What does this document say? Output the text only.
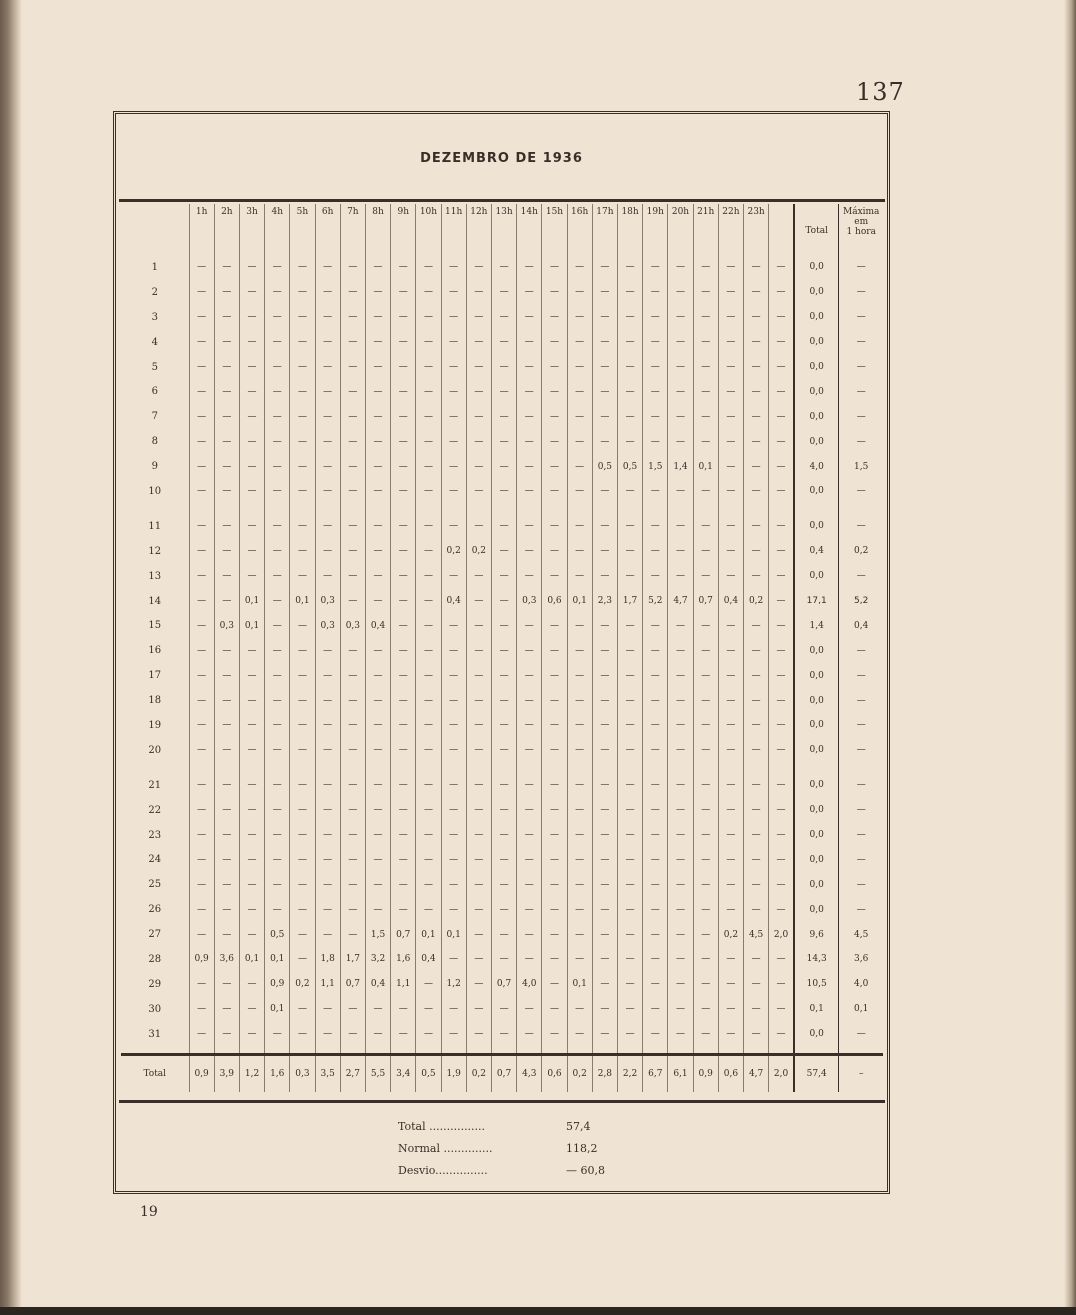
137
DEZEMBRO DE 1936
	1h	2h	3h	4h	5h	6h	7h	8h	9h	10h	11h	12h	13h	14h	15h	16h	17h	18h	19h	20h	21h	22h	23h		Total	Máxima
em
1 hora

1	—	—	—	—	—	—	—	—	—	—	—	—	—	—	—	—	—	—	—	—	—	—	—	—	0,0	—
2	—	—	—	—	—	—	—	—	—	—	—	—	—	—	—	—	—	—	—	—	—	—	—	—	0,0	—
3	—	—	—	—	—	—	—	—	—	—	—	—	—	—	—	—	—	—	—	—	—	—	—	—	0,0	—
4	—	—	—	—	—	—	—	—	—	—	—	—	—	—	—	—	—	—	—	—	—	—	—	—	0,0	—
5	—	—	—	—	—	—	—	—	—	—	—	—	—	—	—	—	—	—	—	—	—	—	—	—	0,0	—
6	—	—	—	—	—	—	—	—	—	—	—	—	—	—	—	—	—	—	—	—	—	—	—	—	0,0	—
7	—	—	—	—	—	—	—	—	—	—	—	—	—	—	—	—	—	—	—	—	—	—	—	—	0,0	—
8	—	—	—	—	—	—	—	—	—	—	—	—	—	—	—	—	—	—	—	—	—	—	—	—	0,0	—
9	—	—	—	—	—	—	—	—	—	—	—	—	—	—	—	—	0,5	0,5	1,5	1,4	0,1	—	—	—	4,0	1,5
10	—	—	—	—	—	—	—	—	—	—	—	—	—	—	—	—	—	—	—	—	—	—	—	—	0,0	—

11	—	—	—	—	—	—	—	—	—	—	—	—	—	—	—	—	—	—	—	—	—	—	—	—	0,0	—
12	—	—	—	—	—	—	—	—	—	—	0,2	0,2	—	—	—	—	—	—	—	—	—	—	—	—	0,4	0,2
13	—	—	—	—	—	—	—	—	—	—	—	—	—	—	—	—	—	—	—	—	—	—	—	—	0,0	—
14	—	—	0,1	—	0,1	0,3	—	—	—	—	0,4	—	—	0,3	0,6	0,1	2,3	1,7	5,2	4,7	0,7	0,4	0,2	—	17,1	5,2
15	—	0,3	0,1	—	—	0,3	0,3	0,4	—	—	—	—	—	—	—	—	—	—	—	—	—	—	—	—	1,4	0,4
16	—	—	—	—	—	—	—	—	—	—	—	—	—	—	—	—	—	—	—	—	—	—	—	—	0,0	—
17	—	—	—	—	—	—	—	—	—	—	—	—	—	—	—	—	—	—	—	—	—	—	—	—	0,0	—
18	—	—	—	—	—	—	—	—	—	—	—	—	—	—	—	—	—	—	—	—	—	—	—	—	0,0	—
19	—	—	—	—	—	—	—	—	—	—	—	—	—	—	—	—	—	—	—	—	—	—	—	—	0,0	—
20	—	—	—	—	—	—	—	—	—	—	—	—	—	—	—	—	—	—	—	—	—	—	—	—	0,0	—

21	—	—	—	—	—	—	—	—	—	—	—	—	—	—	—	—	—	—	—	—	—	—	—	—	0,0	—
22	—	—	—	—	—	—	—	—	—	—	—	—	—	—	—	—	—	—	—	—	—	—	—	—	0,0	—
23	—	—	—	—	—	—	—	—	—	—	—	—	—	—	—	—	—	—	—	—	—	—	—	—	0,0	—
24	—	—	—	—	—	—	—	—	—	—	—	—	—	—	—	—	—	—	—	—	—	—	—	—	0,0	—
25	—	—	—	—	—	—	—	—	—	—	—	—	—	—	—	—	—	—	—	—	—	—	—	—	0,0	—
26	—	—	—	—	—	—	—	—	—	—	—	—	—	—	—	—	—	—	—	—	—	—	—	—	0,0	—
27	—	—	—	0,5	—	—	—	1,5	0,7	0,1	0,1	—	—	—	—	—	—	—	—	—	—	0,2	4,5	2,0	9,6	4,5
28	0,9	3,6	0,1	0,1	—	1,8	1,7	3,2	1,6	0,4	—	—	—	—	—	—	—	—	—	—	—	—	—	—	14,3	3,6
29	—	—	—	0,9	0,2	1,1	0,7	0,4	1,1	—	1,2	—	0,7	4,0	—	0,1	—	—	—	—	—	—	—	—	10,5	4,0
30	—	—	—	0,1	—	—	—	—	—	—	—	—	—	—	—	—	—	—	—	—	—	—	—	—	0,1	0,1
31	—	—	—	—	—	—	—	—	—	—	—	—	—	—	—	—	—	—	—	—	—	—	—	—	0,0	—

Total	0,9	3,9	1,2	1,6	0,3	3,5	2,7	5,5	3,4	0,5	1,9	0,2	0,7	4,3	0,6	0,2	2,8	2,2	6,7	6,1	0,9	0,6	4,7	2,0	57,4	–
Total ................	57,4
Normal ..............	118,2
Desvio...............	— 60,8
19
